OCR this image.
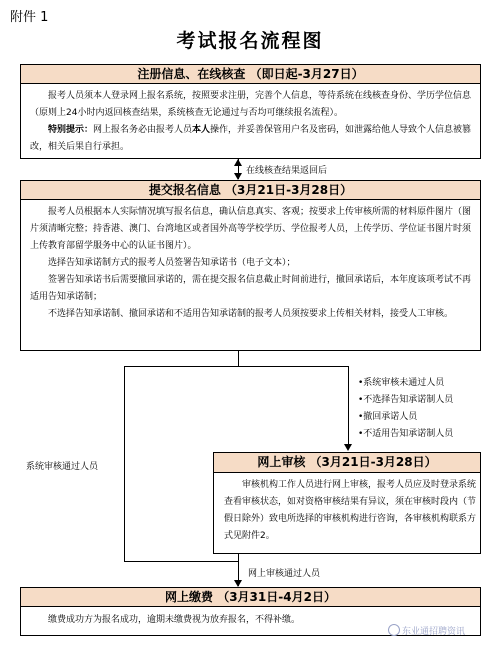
附件 1
考试报名流程图
注册信息、在线核查 （即日起-3月27日）

报考人员须本人登录网上报名系统，按照要求注册，完善个人信息，等待系统在线核查身份、学历学位信息（原则上24小时内返回核查结果，系统核查无论通过与否均可继续报名流程）。

特别提示：网上报名务必由报考人员本人操作，并妥善保管用户名及密码，如泄露给他人导致个人信息被篡改，相关后果自行承担。

在线核查结果返回后
提交报名信息 （3月21日-3月28日）

报考人员根据本人实际情况填写报名信息，确认信息真实、客观；按要求上传审核所需的材料原件图片（图片须清晰完整；持香港、澳门、台湾地区或者国外高等学校学历、学位报考人员，上传学历、学位证书图片时须上传教育部留学服务中心的认证书图片）。

选择告知承诺制方式的报考人员签署告知承诺书（电子文本）；

签署告知承诺书后需要撤回承诺的，需在提交报名信息截止时间前进行，撤回承诺后，本年度该项考试不再适用告知承诺制；

不选择告知承诺制、撤回承诺和不适用告知承诺制的报考人员须按要求上传相关材料，接受人工审核。

系统审核通过人员
•系统审核未通过人员
•不选择告知承诺制人员
•撤回承诺人员
•不适用告知承诺制人员
网上审核 （3月21日-3月28日）

审核机构工作人员进行网上审核，报考人员应及时登录系统查看审核状态，如对资格审核结果有异议，须在审核时段内（节假日除外）致电所选择的审核机构进行咨询，各审核机构联系方式见附件2。

网上审核通过人员
网上缴费 （3月31日-4月2日）

缴费成功方为报名成功，逾期未缴费视为放弃报名，不得补缴。

东业通招聘资讯
